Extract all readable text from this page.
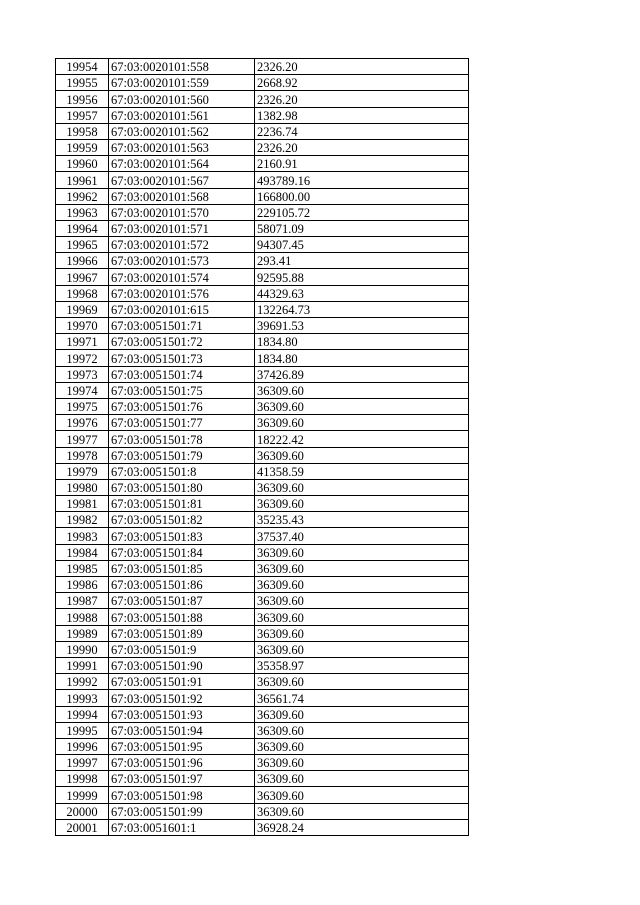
19954	67:03:0020101:558	2326.20
19955	67:03:0020101:559	2668.92
19956	67:03:0020101:560	2326.20
19957	67:03:0020101:561	1382.98
19958	67:03:0020101:562	2236.74
19959	67:03:0020101:563	2326.20
19960	67:03:0020101:564	2160.91
19961	67:03:0020101:567	493789.16
19962	67:03:0020101:568	166800.00
19963	67:03:0020101:570	229105.72
19964	67:03:0020101:571	58071.09
19965	67:03:0020101:572	94307.45
19966	67:03:0020101:573	293.41
19967	67:03:0020101:574	92595.88
19968	67:03:0020101:576	44329.63
19969	67:03:0020101:615	132264.73
19970	67:03:0051501:71	39691.53
19971	67:03:0051501:72	1834.80
19972	67:03:0051501:73	1834.80
19973	67:03:0051501:74	37426.89
19974	67:03:0051501:75	36309.60
19975	67:03:0051501:76	36309.60
19976	67:03:0051501:77	36309.60
19977	67:03:0051501:78	18222.42
19978	67:03:0051501:79	36309.60
19979	67:03:0051501:8	41358.59
19980	67:03:0051501:80	36309.60
19981	67:03:0051501:81	36309.60
19982	67:03:0051501:82	35235.43
19983	67:03:0051501:83	37537.40
19984	67:03:0051501:84	36309.60
19985	67:03:0051501:85	36309.60
19986	67:03:0051501:86	36309.60
19987	67:03:0051501:87	36309.60
19988	67:03:0051501:88	36309.60
19989	67:03:0051501:89	36309.60
19990	67:03:0051501:9	36309.60
19991	67:03:0051501:90	35358.97
19992	67:03:0051501:91	36309.60
19993	67:03:0051501:92	36561.74
19994	67:03:0051501:93	36309.60
19995	67:03:0051501:94	36309.60
19996	67:03:0051501:95	36309.60
19997	67:03:0051501:96	36309.60
19998	67:03:0051501:97	36309.60
19999	67:03:0051501:98	36309.60
20000	67:03:0051501:99	36309.60
20001	67:03:0051601:1	36928.24
